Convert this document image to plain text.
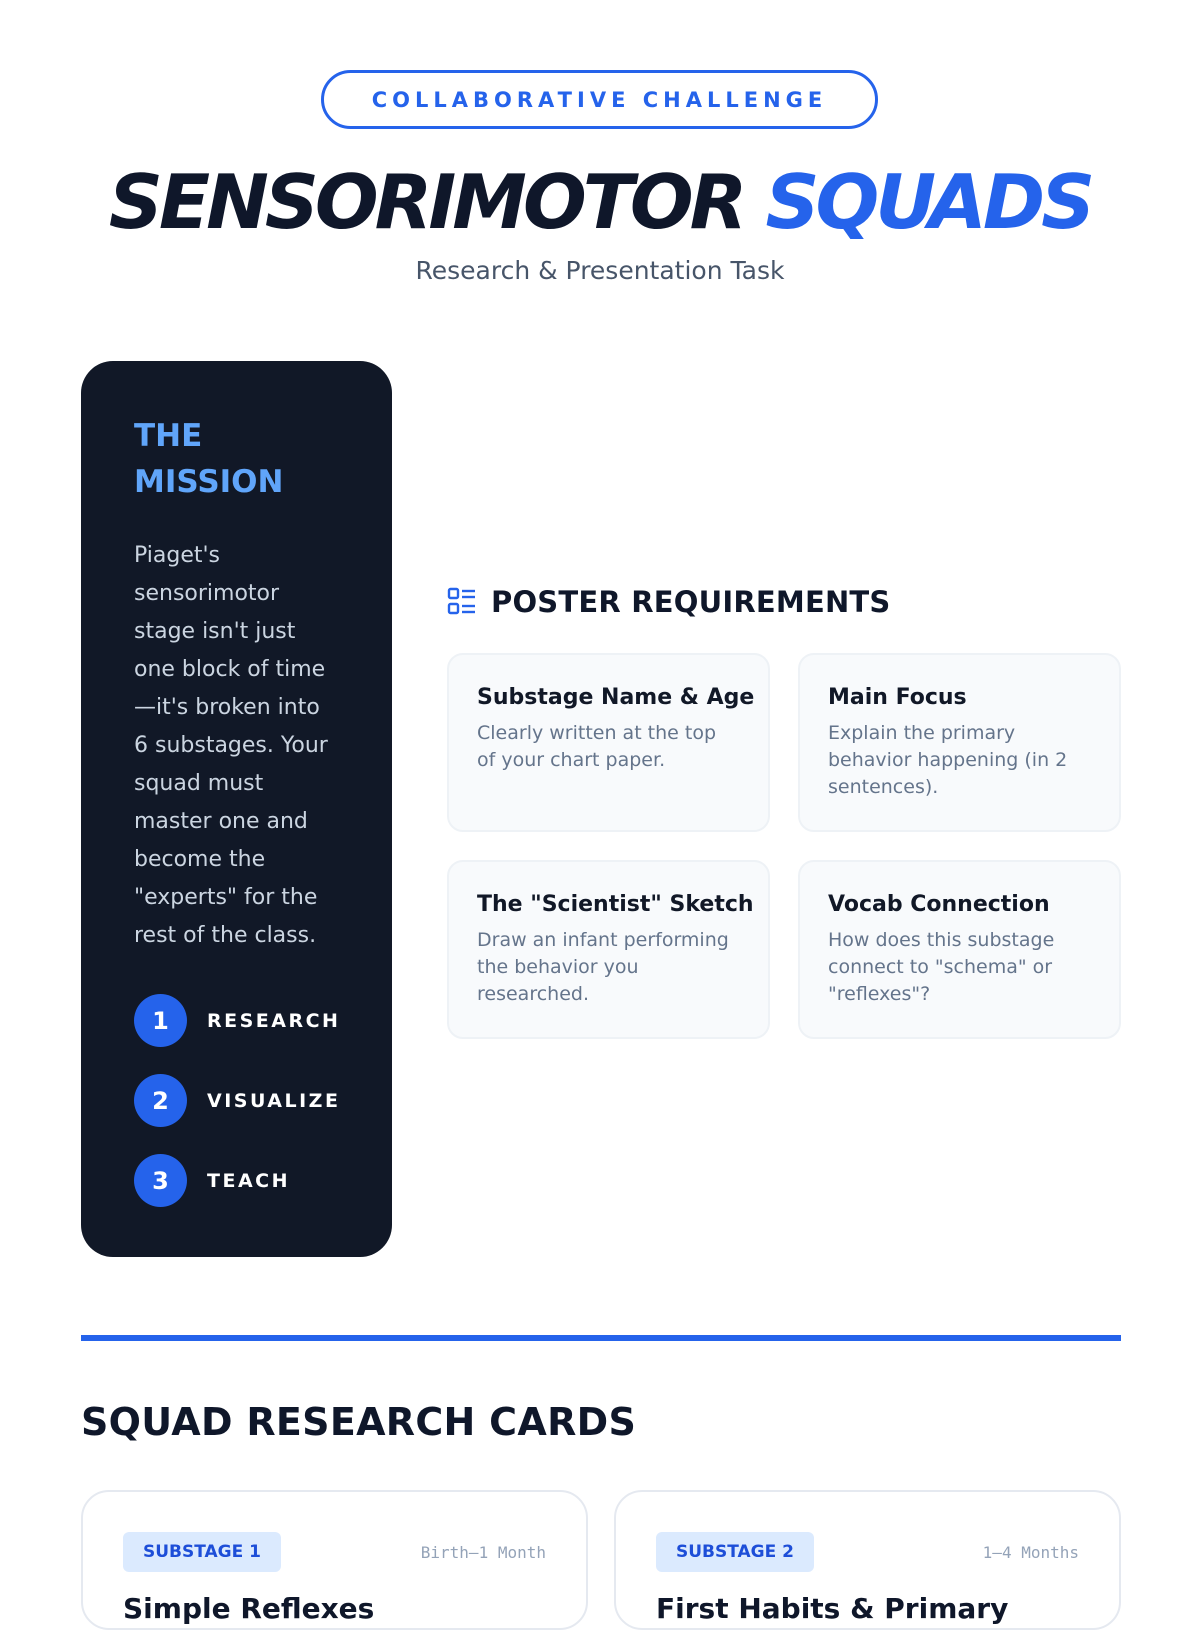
COLLABORATIVE CHALLENGE
SENSORIMOTOR SQUADS
Research & Presentation Task
THE MISSION
Piaget's sensorimotor stage isn't just one block of time—it's broken into 6 substages. Your squad must master one and become the "experts" for the rest of the class.
1	RESEARCH
2	VISUALIZE
3	TEACH
POSTER REQUIREMENTS
Substage Name & Age
Clearly written at the top of your chart paper.
Main Focus
Explain the primary behavior happening (in 2 sentences).
The "Scientist" Sketch
Draw an infant performing the behavior you researched.
Vocab Connection
How does this substage connect to "schema" or "reflexes"?
SQUAD RESEARCH CARDS
SUBSTAGE 1	Birth–1 Month
Simple Reflexes
SUBSTAGE 2	1–4 Months
First Habits & Primary
